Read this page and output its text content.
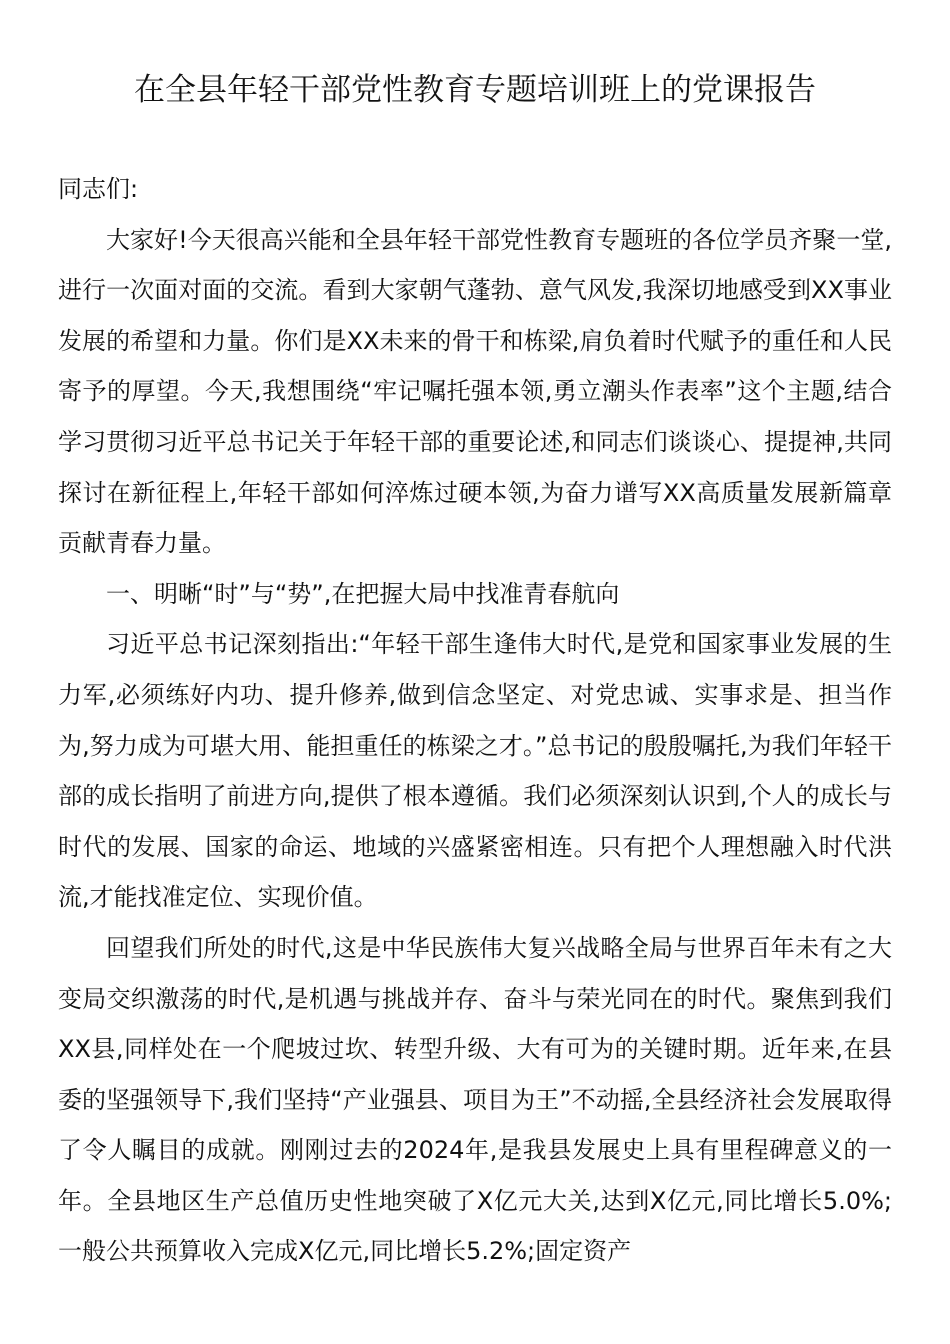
在全县年轻干部党性教育专题培训班上的党课报告

同志们:

大家好!今天很高兴能和全县年轻干部党性教育专题班的各位学员齐聚一堂,进行一次面对面的交流。看到大家朝气蓬勃、意气风发,我深切地感受到XX事业发展的希望和力量。你们是XX未来的骨干和栋梁,肩负着时代赋予的重任和人民寄予的厚望。今天,我想围绕“牢记嘱托强本领,勇立潮头作表率”这个主题,结合学习贯彻习近平总书记关于年轻干部的重要论述,和同志们谈谈心、提提神,共同探讨在新征程上,年轻干部如何淬炼过硬本领,为奋力谱写XX高质量发展新篇章贡献青春力量。

一、明晰“时”与“势”,在把握大局中找准青春航向

习近平总书记深刻指出:“年轻干部生逢伟大时代,是党和国家事业发展的生力军,必须练好内功、提升修养,做到信念坚定、对党忠诚、实事求是、担当作为,努力成为可堪大用、能担重任的栋梁之才。”总书记的殷殷嘱托,为我们年轻干部的成长指明了前进方向,提供了根本遵循。我们必须深刻认识到,个人的成长与时代的发展、国家的命运、地域的兴盛紧密相连。只有把个人理想融入时代洪流,才能找准定位、实现价值。

回望我们所处的时代,这是中华民族伟大复兴战略全局与世界百年未有之大变局交织激荡的时代,是机遇与挑战并存、奋斗与荣光同在的时代。聚焦到我们XX县,同样处在一个爬坡过坎、转型升级、大有可为的关键时期。近年来,在县委的坚强领导下,我们坚持“产业强县、项目为王”不动摇,全县经济社会发展取得了令人瞩目的成就。刚刚过去的2024年,是我县发展史上具有里程碑意义的一年。全县地区生产总值历史性地突破了X亿元大关,达到X亿元,同比增长5.0%;一般公共预算收入完成X亿元,同比增长5.2%;固定资产
